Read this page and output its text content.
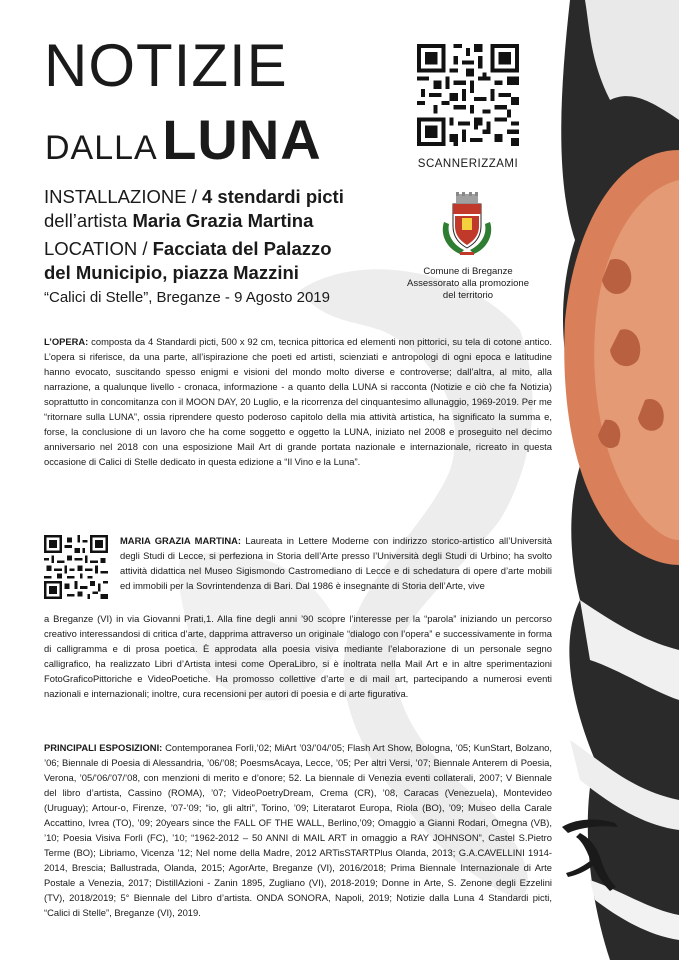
NOTIZIE
DALLA LUNA
INSTALLAZIONE / 4 stendardi picti
dell’artista Maria Grazia Martina
LOCATION / Facciata del Palazzo
del Municipio, piazza Mazzini
“Calici di Stelle”, Breganze - 9 Agosto 2019
SCANNERIZZAMI
Comune di Breganze
Assessorato alla promozione
del territorio
L’OPERA: composta da 4 Standardi picti, 500 x 92 cm, tecnica pittorica ed elementi non pittorici, su tela di cotone antico. L’opera si riferisce, da una parte, all’ispirazione che poeti ed artisti, scienziati e antropologi di ogni epoca e latitudine hanno evocato, suscitando spesso enigmi e visioni del mondo molto diverse e controverse; dall’altra, al mito, alla narrazione, a qualunque livello - cronaca, informazione - a quanto della LUNA si racconta (Notizie e ciò che fa Notizia) soprattutto in concomitanza con il MOON DAY, 20 Luglio, e la ricorrenza del cinquantesimo allunaggio, 1969-2019. Per me “ritornare sulla LUNA”, ossia riprendere questo poderoso capitolo della mia attività artistica, ha significato la summa e, forse, la conclusione di un lavoro che ha come soggetto e oggetto la LUNA, iniziato nel 2008 e proseguito nel decimo anniversario nel 2018 con una esposizione Mail Art di grande portata nazionale e internazionale, ricreato in questa occasione di Calici di Stelle dedicato in questa edizione a “Il Vino e la Luna”.
MARIA GRAZIA MARTINA: Laureata in Lettere Moderne con indirizzo storico-artistico all’Università degli Studi di Lecce, si perfeziona in Storia dell’Arte presso l’Università degli Studi di Urbino; ha svolto attività didattica nel Museo Sigismondo Castromediano di Lecce e di schedatura di opere d’arte mobili ed immobili per la Sovrintendenza di Bari. Dal 1986 è insegnante di Storia dell’Arte, vive
a Breganze (VI) in via Giovanni Prati,1. Alla fine degli anni ’90 scopre l’interesse per la “parola” iniziando un percorso creativo interessandosi di critica d’arte, dapprima attraverso un originale “dialogo con l’opera” e successivamente in forma di calligramma e di prosa poetica. È approdata alla poesia visiva mediante l’elaborazione di un personale segno calligrafico, ha realizzato Libri d’Artista intesi come OperaLibro, si è inoltrata nella Mail Art e in altre sperimentazioni FotoGraficoPittoriche e VideoPoetiche. Ha promosso collettive d’arte e di mail art, partecipando a numerosi eventi nazionali e internazionali; inoltre, cura recensioni per autori di poesia e di arte figurativa.
PRINCIPALI ESPOSIZIONI: Contemporanea Forlì,’02; MiArt ’03/’04/’05; Flash Art Show, Bologna, ’05; KunStart, Bolzano, ’06; Biennale di Poesia di Alessandria, ’06/’08; PoesmsAcaya, Lecce, ’05; Per altri Versi, ’07; Biennale Anterem di Poesia, Verona, ’05/’06/’07/’08, con menzioni di merito e d’onore; 52. La biennale di Venezia eventi collaterali, 2007; V Biennale del libro d’artista, Cassino (ROMA), ’07; VideoPoetryDream, Crema (CR), ’08, Caracas (Venezuela), Montevideo (Uruguay); Artour-o, Firenze, ’07-’09; “io, gli altri”, Torino, ’09; Literatarot Europa, Riola (BO), ’09; Museo della Carale Accattino, Ivrea (TO), ’09; 20years since the FALL OF THE WALL, Berlino,’09; Omaggio a Gianni Rodari, Omegna (VB), ’10; Poesia Visiva Forlì (FC), ’10; “1962-2012 – 50 ANNI di MAIL ART in omaggio a RAY JOHNSON”, Castel S.Pietro Terme (BO); Libriamo, Vicenza ’12; Nel nome della Madre, 2012 ARTisSTARTPlus Olanda, 2013; G.A.CAVELLINI 1914-2014, Brescia; Ballustrada, Olanda, 2015; AgorArte, Breganze (VI), 2016/2018; Prima Biennale Internazionale di Arte Postale a Venezia, 2017; DistillAzioni - Zanin 1895, Zugliano (VI), 2018-2019; Donne in Arte, S. Zenone degli Ezzelini (TV), 2018/2019; 5° Biennale del Libro d’artista. ONDA SONORA, Napoli, 2019; Notizie dalla Luna 4 Standardi picti, “Calici di Stelle”, Breganze (VI), 2019.
